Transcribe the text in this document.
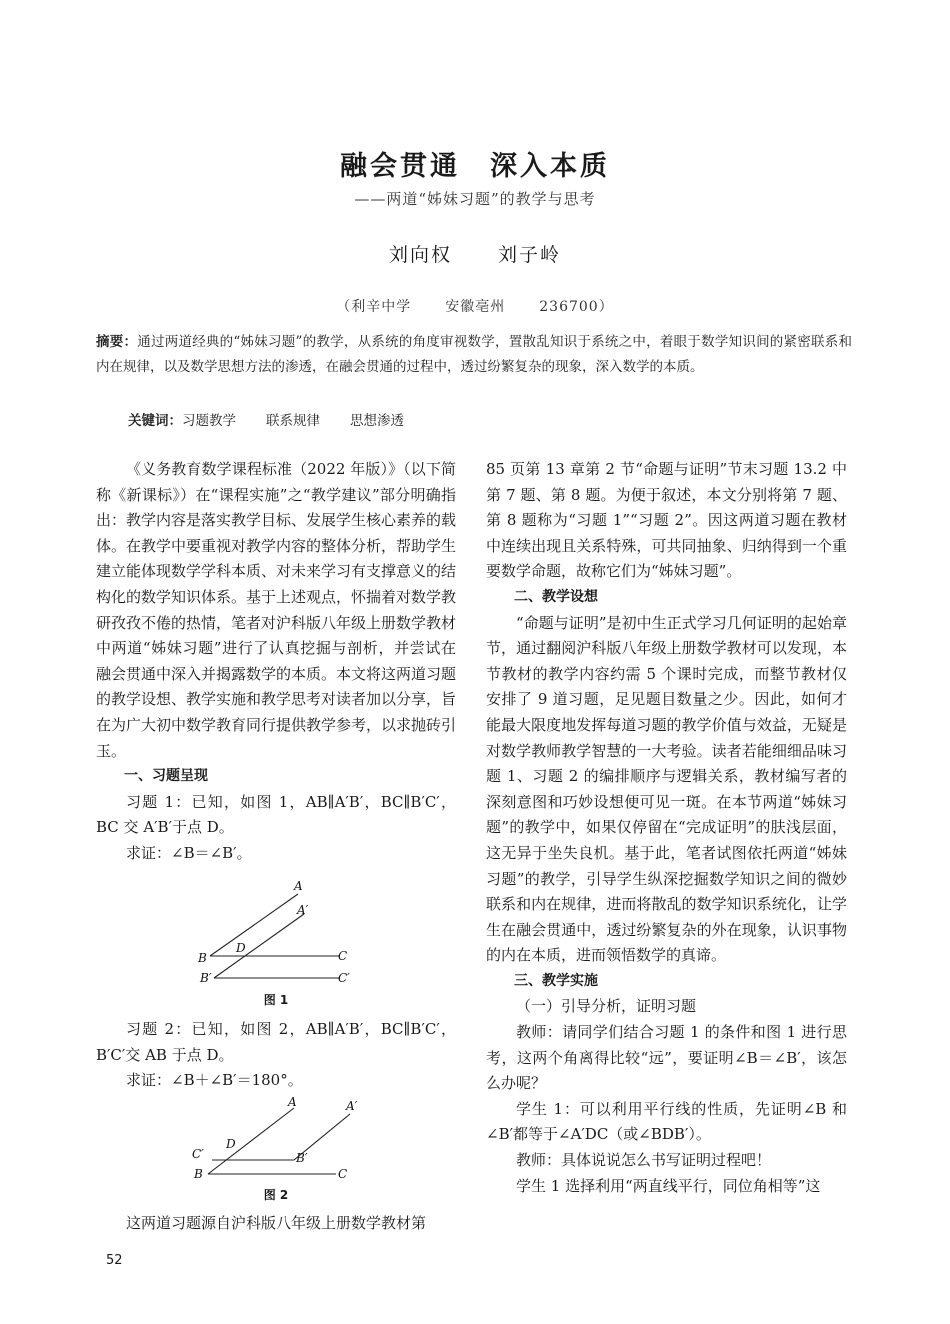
融会贯通　深入本质
——两道“姊妹习题”的教学与思考
刘向权 刘子岭
（利辛中学 安徽亳州 236700）
摘要：通过两道经典的“姊妹习题”的教学，从系统的角度审视数学，置散乱知识于系统之中，着眼于数学知识间的紧密联系和内在规律，以及数学思想方法的渗透，在融会贯通的过程中，透过纷繁复杂的现象，深入数学的本质。
关键词：习题教学 联系规律 思想渗透

《义务教育数学课程标准（2022 年版）》（以下简称《新课标》）在“课程实施”之“教学建议”部分明确指出：教学内容是落实教学目标、发展学生核心素养的载体。在教学中要重视对教学内容的整体分析，帮助学生建立能体现数学学科本质、对未来学习有支撑意义的结构化的数学知识体系。基于上述观点，怀揣着对数学教研孜孜不倦的热情，笔者对沪科版八年级上册数学教材中两道“姊妹习题”进行了认真挖掘与剖析，并尝试在融会贯通中深入并揭露数学的本质。本文将这两道习题的教学设想、教学实施和教学思考对读者加以分享，旨在为广大初中数学教育同行提供教学参考，以求抛砖引玉。

一、习题呈现

习题 1：已知，如图 1，AB∥A′B′，BC∥B′C′，BC 交 A′B′于点 D。

求证：∠B＝∠B′。

A
A′
B
D
C
B′	C′
图 1

习题 2：已知，如图 2，AB∥A′B′，BC∥B′C′，B′C′交 AB 于点 D。

求证：∠B＋∠B′＝180°。

A	A′
C′
D
B′
B	C
图 2

这两道习题源自沪科版八年级上册数学教材第

85 页第 13 章第 2 节“命题与证明”节末习题 13.2 中第 7 题、第 8 题。为便于叙述，本文分别将第 7 题、第 8 题称为“习题 1”“习题 2”。因这两道习题在教材中连续出现且关系特殊，可共同抽象、归纳得到一个重要数学命题，故称它们为“姊妹习题”。

二、教学设想

“命题与证明”是初中生正式学习几何证明的起始章节，通过翻阅沪科版八年级上册数学教材可以发现，本节教材的教学内容约需 5 个课时完成，而整节教材仅安排了 9 道习题，足见题目数量之少。因此，如何才能最大限度地发挥每道习题的教学价值与效益，无疑是对数学教师教学智慧的一大考验。读者若能细细品味习题 1、习题 2 的编排顺序与逻辑关系，教材编写者的深刻意图和巧妙设想便可见一斑。在本节两道“姊妹习题”的教学中，如果仅停留在“完成证明”的肤浅层面，这无异于坐失良机。基于此，笔者试图依托两道“姊妹习题”的教学，引导学生纵深挖掘数学知识之间的微妙联系和内在规律，进而将散乱的数学知识系统化，让学生在融会贯通中，透过纷繁复杂的外在现象，认识事物的内在本质，进而领悟数学的真谛。

三、教学实施

（一）引导分析，证明习题

教师：请同学们结合习题 1 的条件和图 1 进行思考，这两个角离得比较“远”，要证明∠B＝∠B′，该怎么办呢？

学生 1：可以利用平行线的性质，先证明∠B 和∠B′都等于∠A′DC（或∠BDB′）。

教师：具体说说怎么书写证明过程吧！

学生 1 选择利用“两直线平行，同位角相等”这

52
